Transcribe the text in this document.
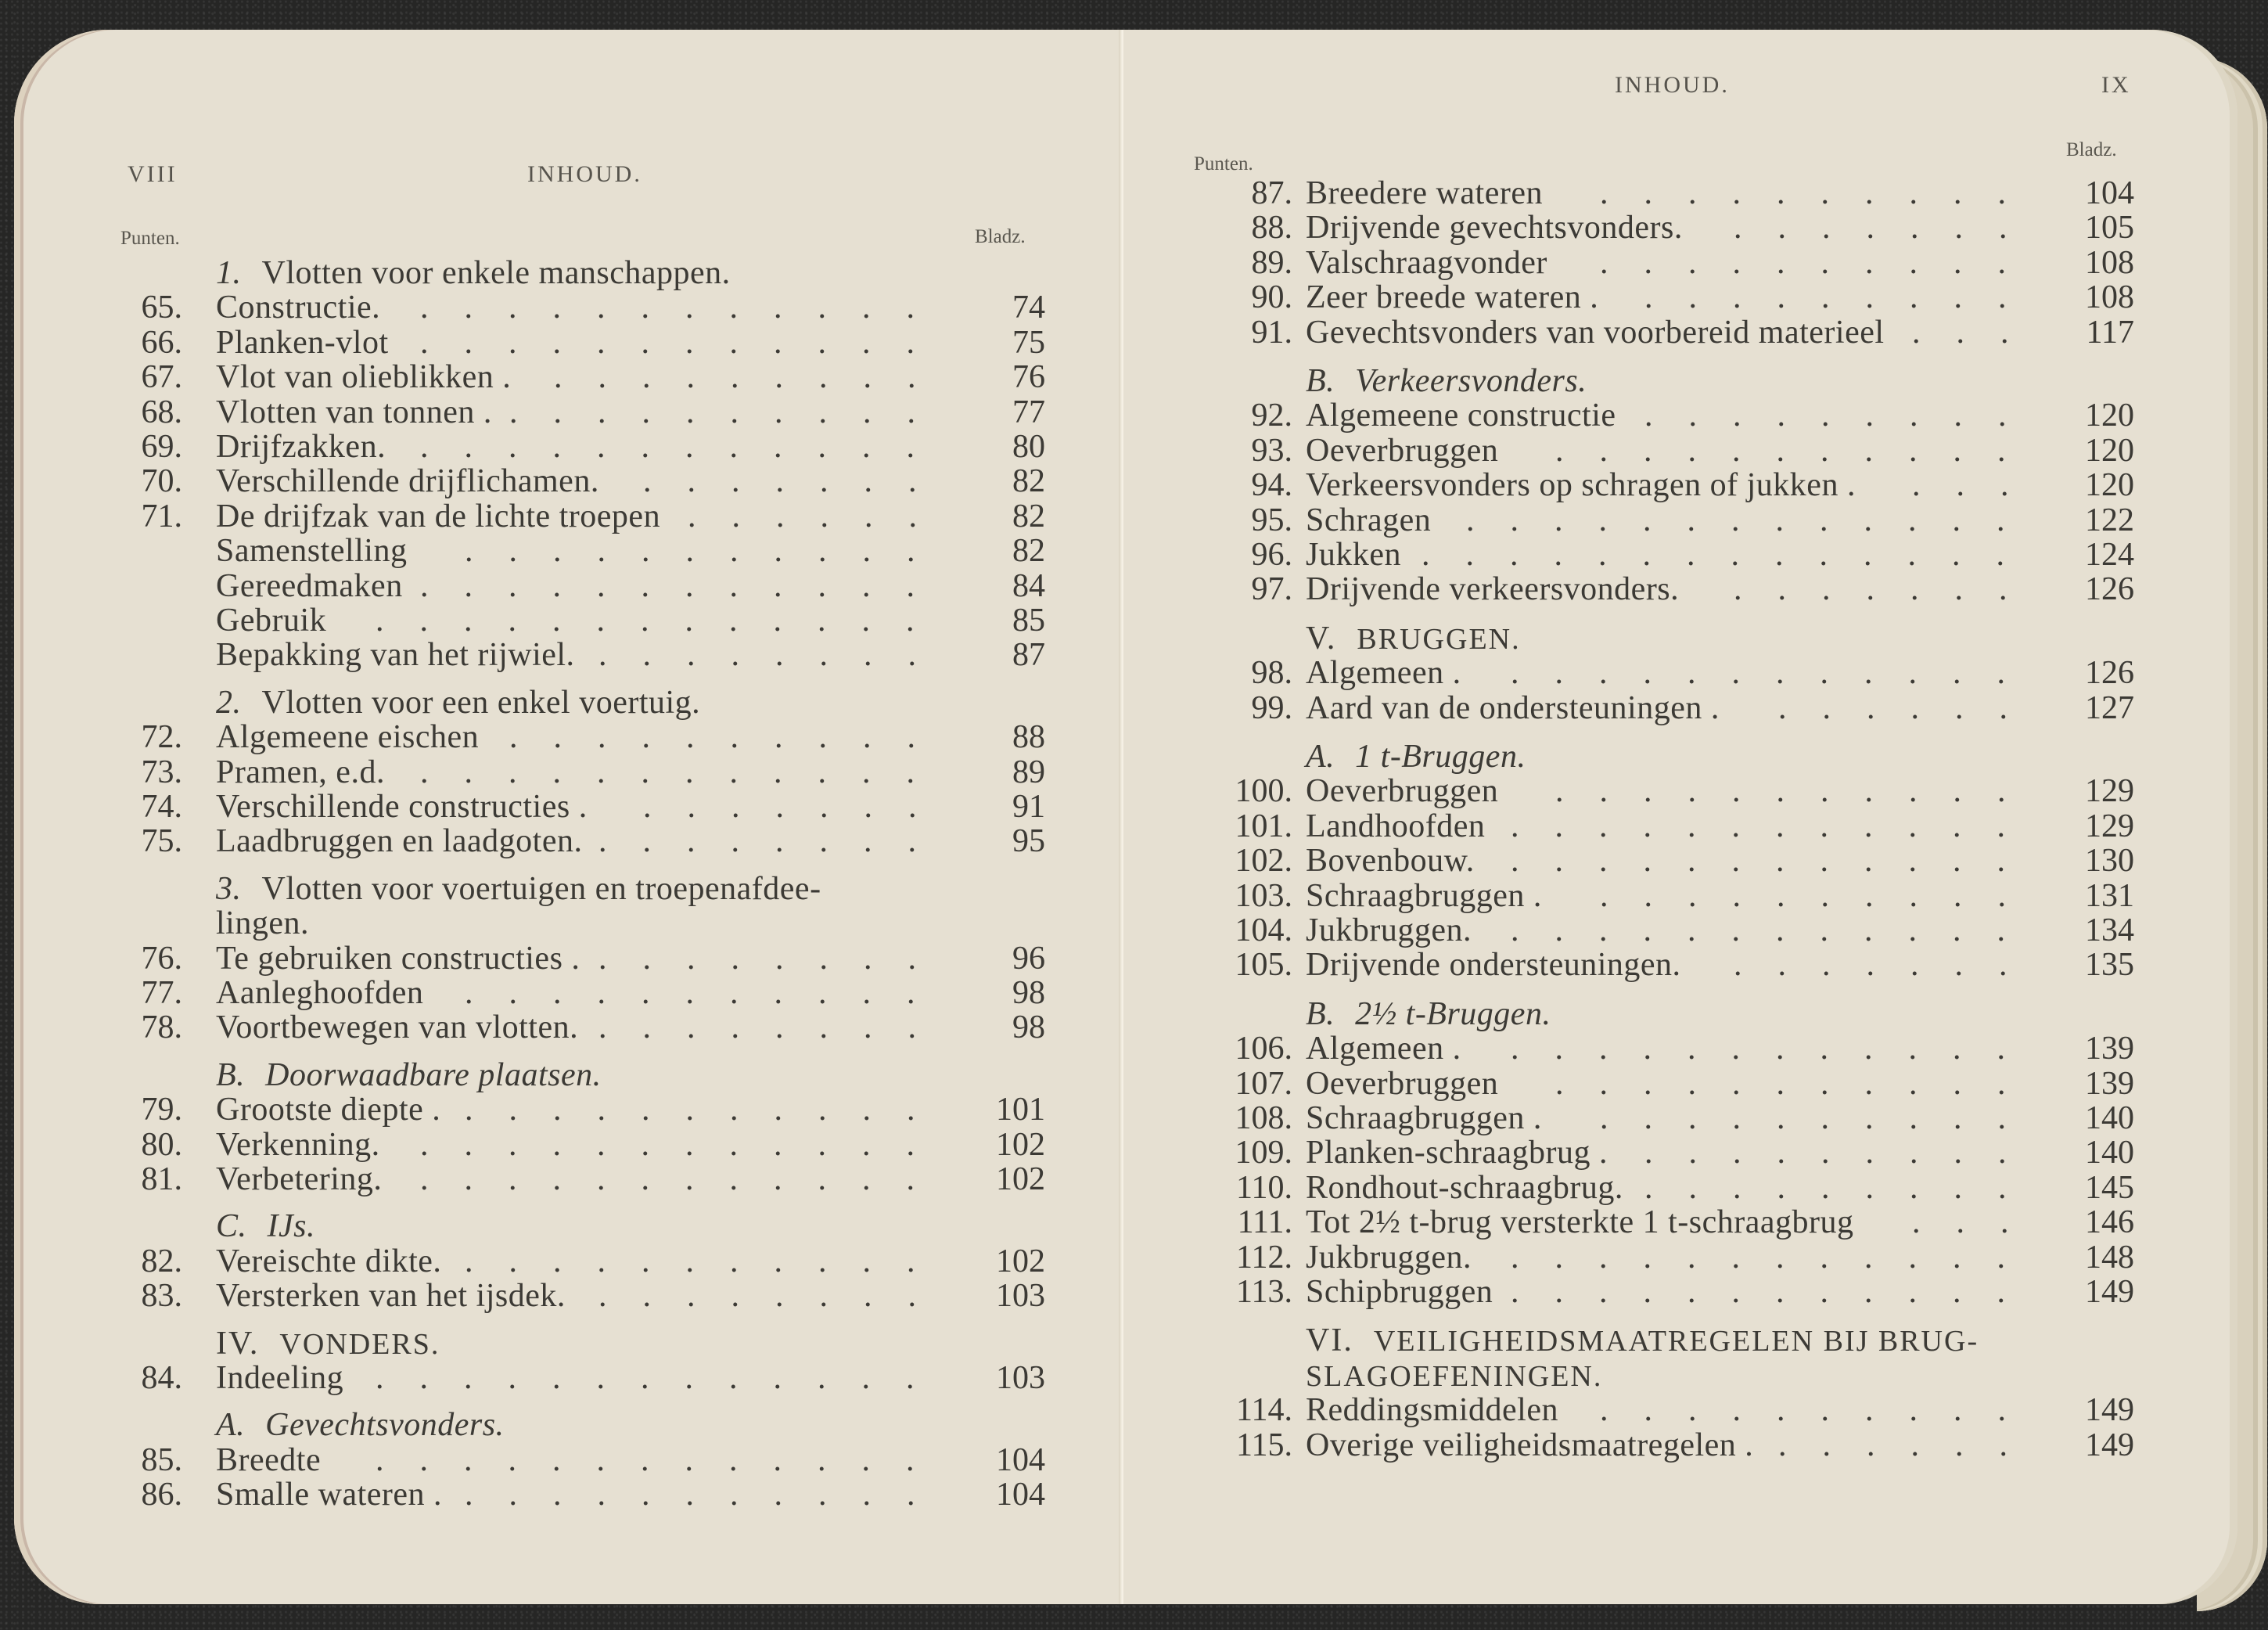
VIII	INHOUD.
Punten.	Bladz.
1. Vlotten voor enkele manschappen.
65. Constructie. ............	74
66. Planken-vlot ............	75
67. Vlot van olieblikken . .........	76
68. Vlotten van tonnen . ..........	77
69. Drijfzakken. ............	80
70. Verschillende drijflichamen. .......	82
71. De drijfzak van de lichte troepen ......	82
Samenstelling ...........	82
Gereedmaken ............	84
Gebruik .............	85
Bepakking van het rijwiel. ........	87
2. Vlotten voor een enkel voertuig.
72. Algemeene eischen ..........	88
73. Pramen, e.d. ............	89
74. Verschillende constructies . .......	91
75. Laadbruggen en laadgoten. ........	95
3. Vlotten voor voertuigen en troepenafdee-
lingen.
76. Te gebruiken constructies . ........	96
77. Aanleghoofden ...........	98
78. Voortbewegen van vlotten. ........	98
B. Doorwaadbare plaatsen.
79. Grootste diepte . ...........	101
80. Verkenning. ............	102
81. Verbetering. ............	102
C. IJs.
82. Vereischte dikte. ...........	102
83. Versterken van het ijsdek. ........	103
IV. VONDERS.
84. Indeeling .............	103
A. Gevechtsvonders.
85. Breedte .............	104
86. Smalle wateren . ...........	104
INHOUD.	IX
Punten.
Bladz.
87. Breedere wateren ..........	104
88. Drijvende gevechtsvonders. .......	105
89. Valschraagvonder ..........	108
90. Zeer breede wateren . .........	108
91. Gevechtsvonders van voorbereid materieel ...	117
B. Verkeersvonders.
92. Algemeene constructie .........	120
93. Oeverbruggen ...........	120
94. Verkeersvonders op schragen of jukken . ...	120
95. Schragen .............	122
96. Jukken ..............	124
97. Drijvende verkeersvonders. .......	126
V. BRUGGEN.
98. Algemeen . ............	126
99. Aard van de ondersteuningen . ......	127
A. 1 t-Bruggen.
100. Oeverbruggen ...........	129
101. Landhoofden ............	129
102. Bovenbouw. ............	130
103. Schraagbruggen . ..........	131
104. Jukbruggen. ............	134
105. Drijvende ondersteuningen. .......	135
B. 2½ t-Bruggen.
106. Algemeen . ............	139
107. Oeverbruggen ...........	139
108. Schraagbruggen . ..........	140
109. Planken-schraagbrug . .........	140
110. Rondhout-schraagbrug. .........	145
111. Tot 2½ t-brug versterkte 1 t-schraagbrug ...	146
112. Jukbruggen. ............	148
113. Schipbruggen ............	149
VI. VEILIGHEIDSMAATREGELEN BIJ BRUG-
SLAGOEFENINGEN.
114. Reddingsmiddelen ..........	149
115. Overige veiligheidsmaatregelen . ......	149
